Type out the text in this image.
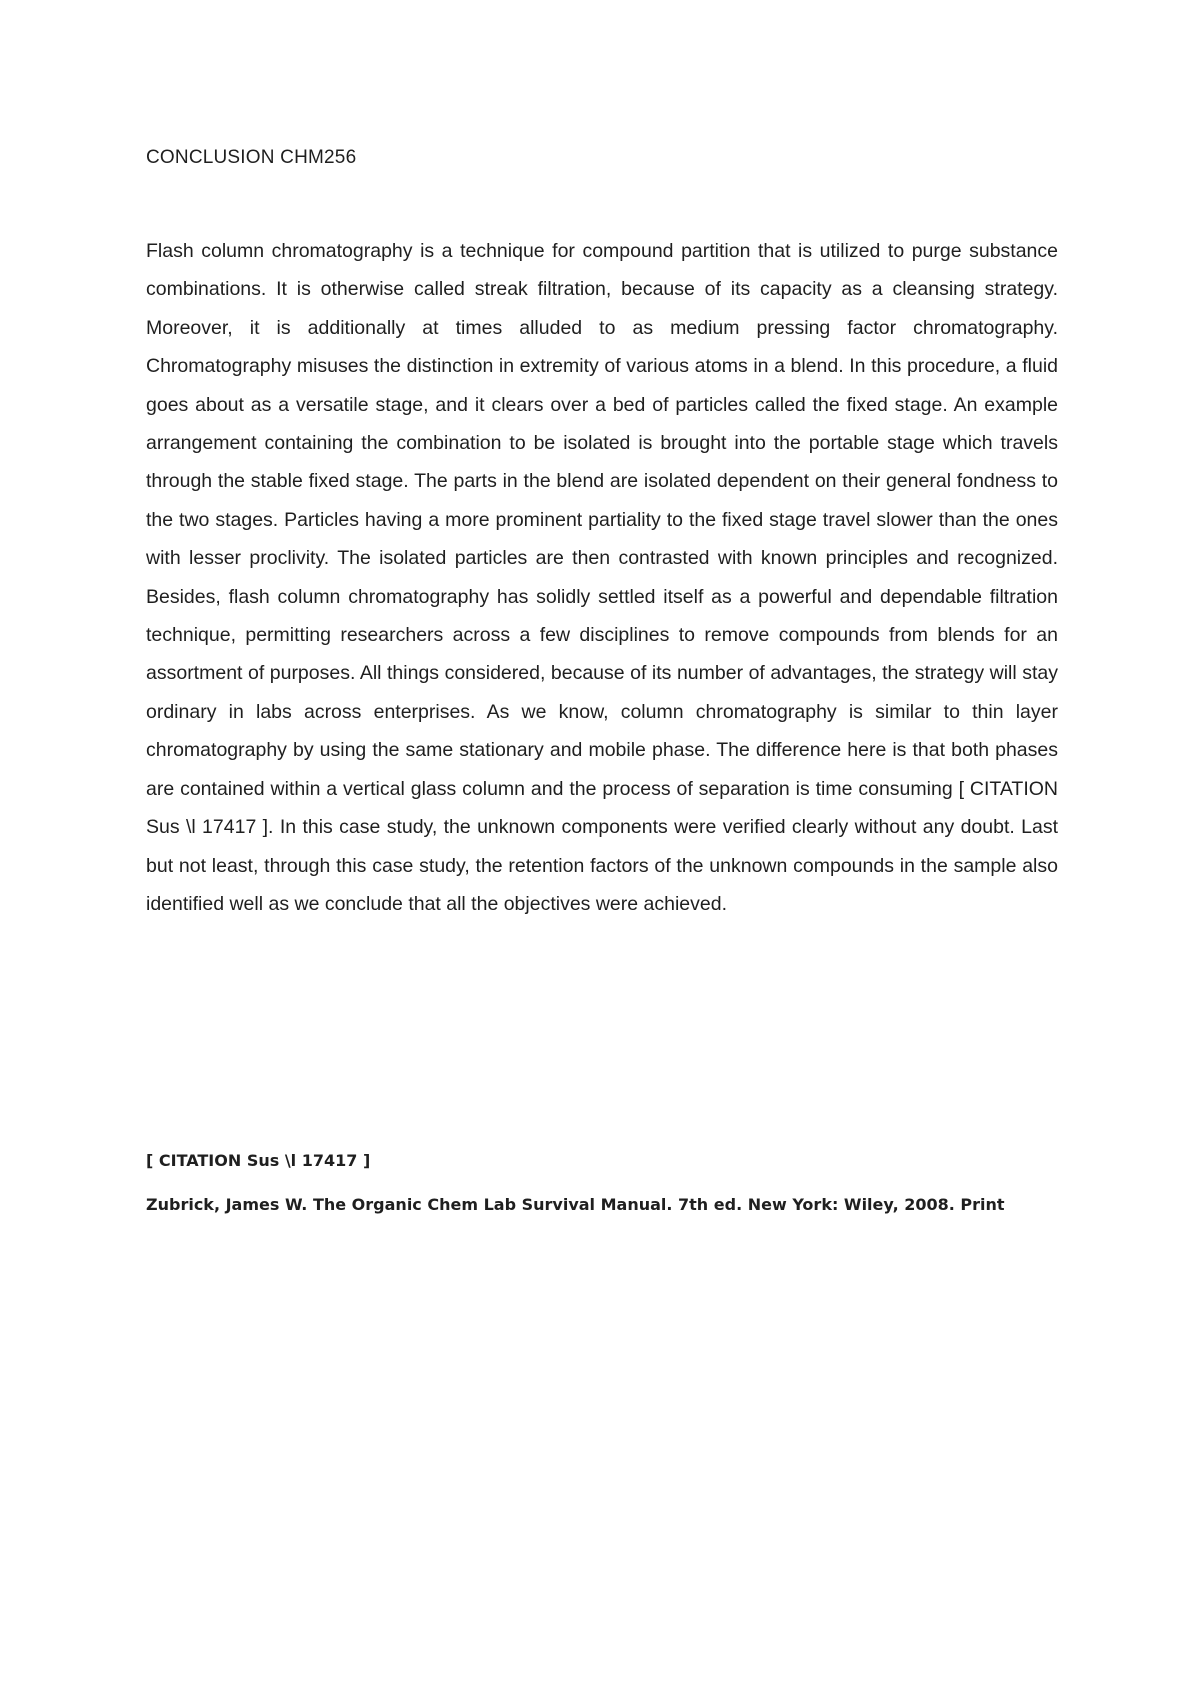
CONCLUSION CHM256

Flash column chromatography is a technique for compound partition that is utilized to purge substance combinations. It is otherwise called streak filtration, because of its capacity as a cleansing strategy. Moreover, it is additionally at times alluded to as medium pressing factor chromatography. Chromatography misuses the distinction in extremity of various atoms in a blend. In this procedure, a fluid goes about as a versatile stage, and it clears over a bed of particles called the fixed stage. An example arrangement containing the combination to be isolated is brought into the portable stage which travels through the stable fixed stage. The parts in the blend are isolated dependent on their general fondness to the two stages. Particles having a more prominent partiality to the fixed stage travel slower than the ones with lesser proclivity. The isolated particles are then contrasted with known principles and recognized. Besides, flash column chromatography has solidly settled itself as a powerful and dependable filtration technique, permitting researchers across a few disciplines to remove compounds from blends for an assortment of purposes. All things considered, because of its number of advantages, the strategy will stay ordinary in labs across enterprises. As we know, column chromatography is similar to thin layer chromatography by using the same stationary and mobile phase. The difference here is that both phases are contained within a vertical glass column and the process of separation is time consuming [ CITATION Sus \l 17417 ]. In this case study, the unknown components were verified clearly without any doubt. Last but not least, through this case study, the retention factors of the unknown compounds in the sample also identified well as we conclude that all the objectives were achieved.

[ CITATION Sus \l 17417 ]

Zubrick, James W. The Organic Chem Lab Survival Manual. 7th ed. New York: Wiley, 2008. Print
